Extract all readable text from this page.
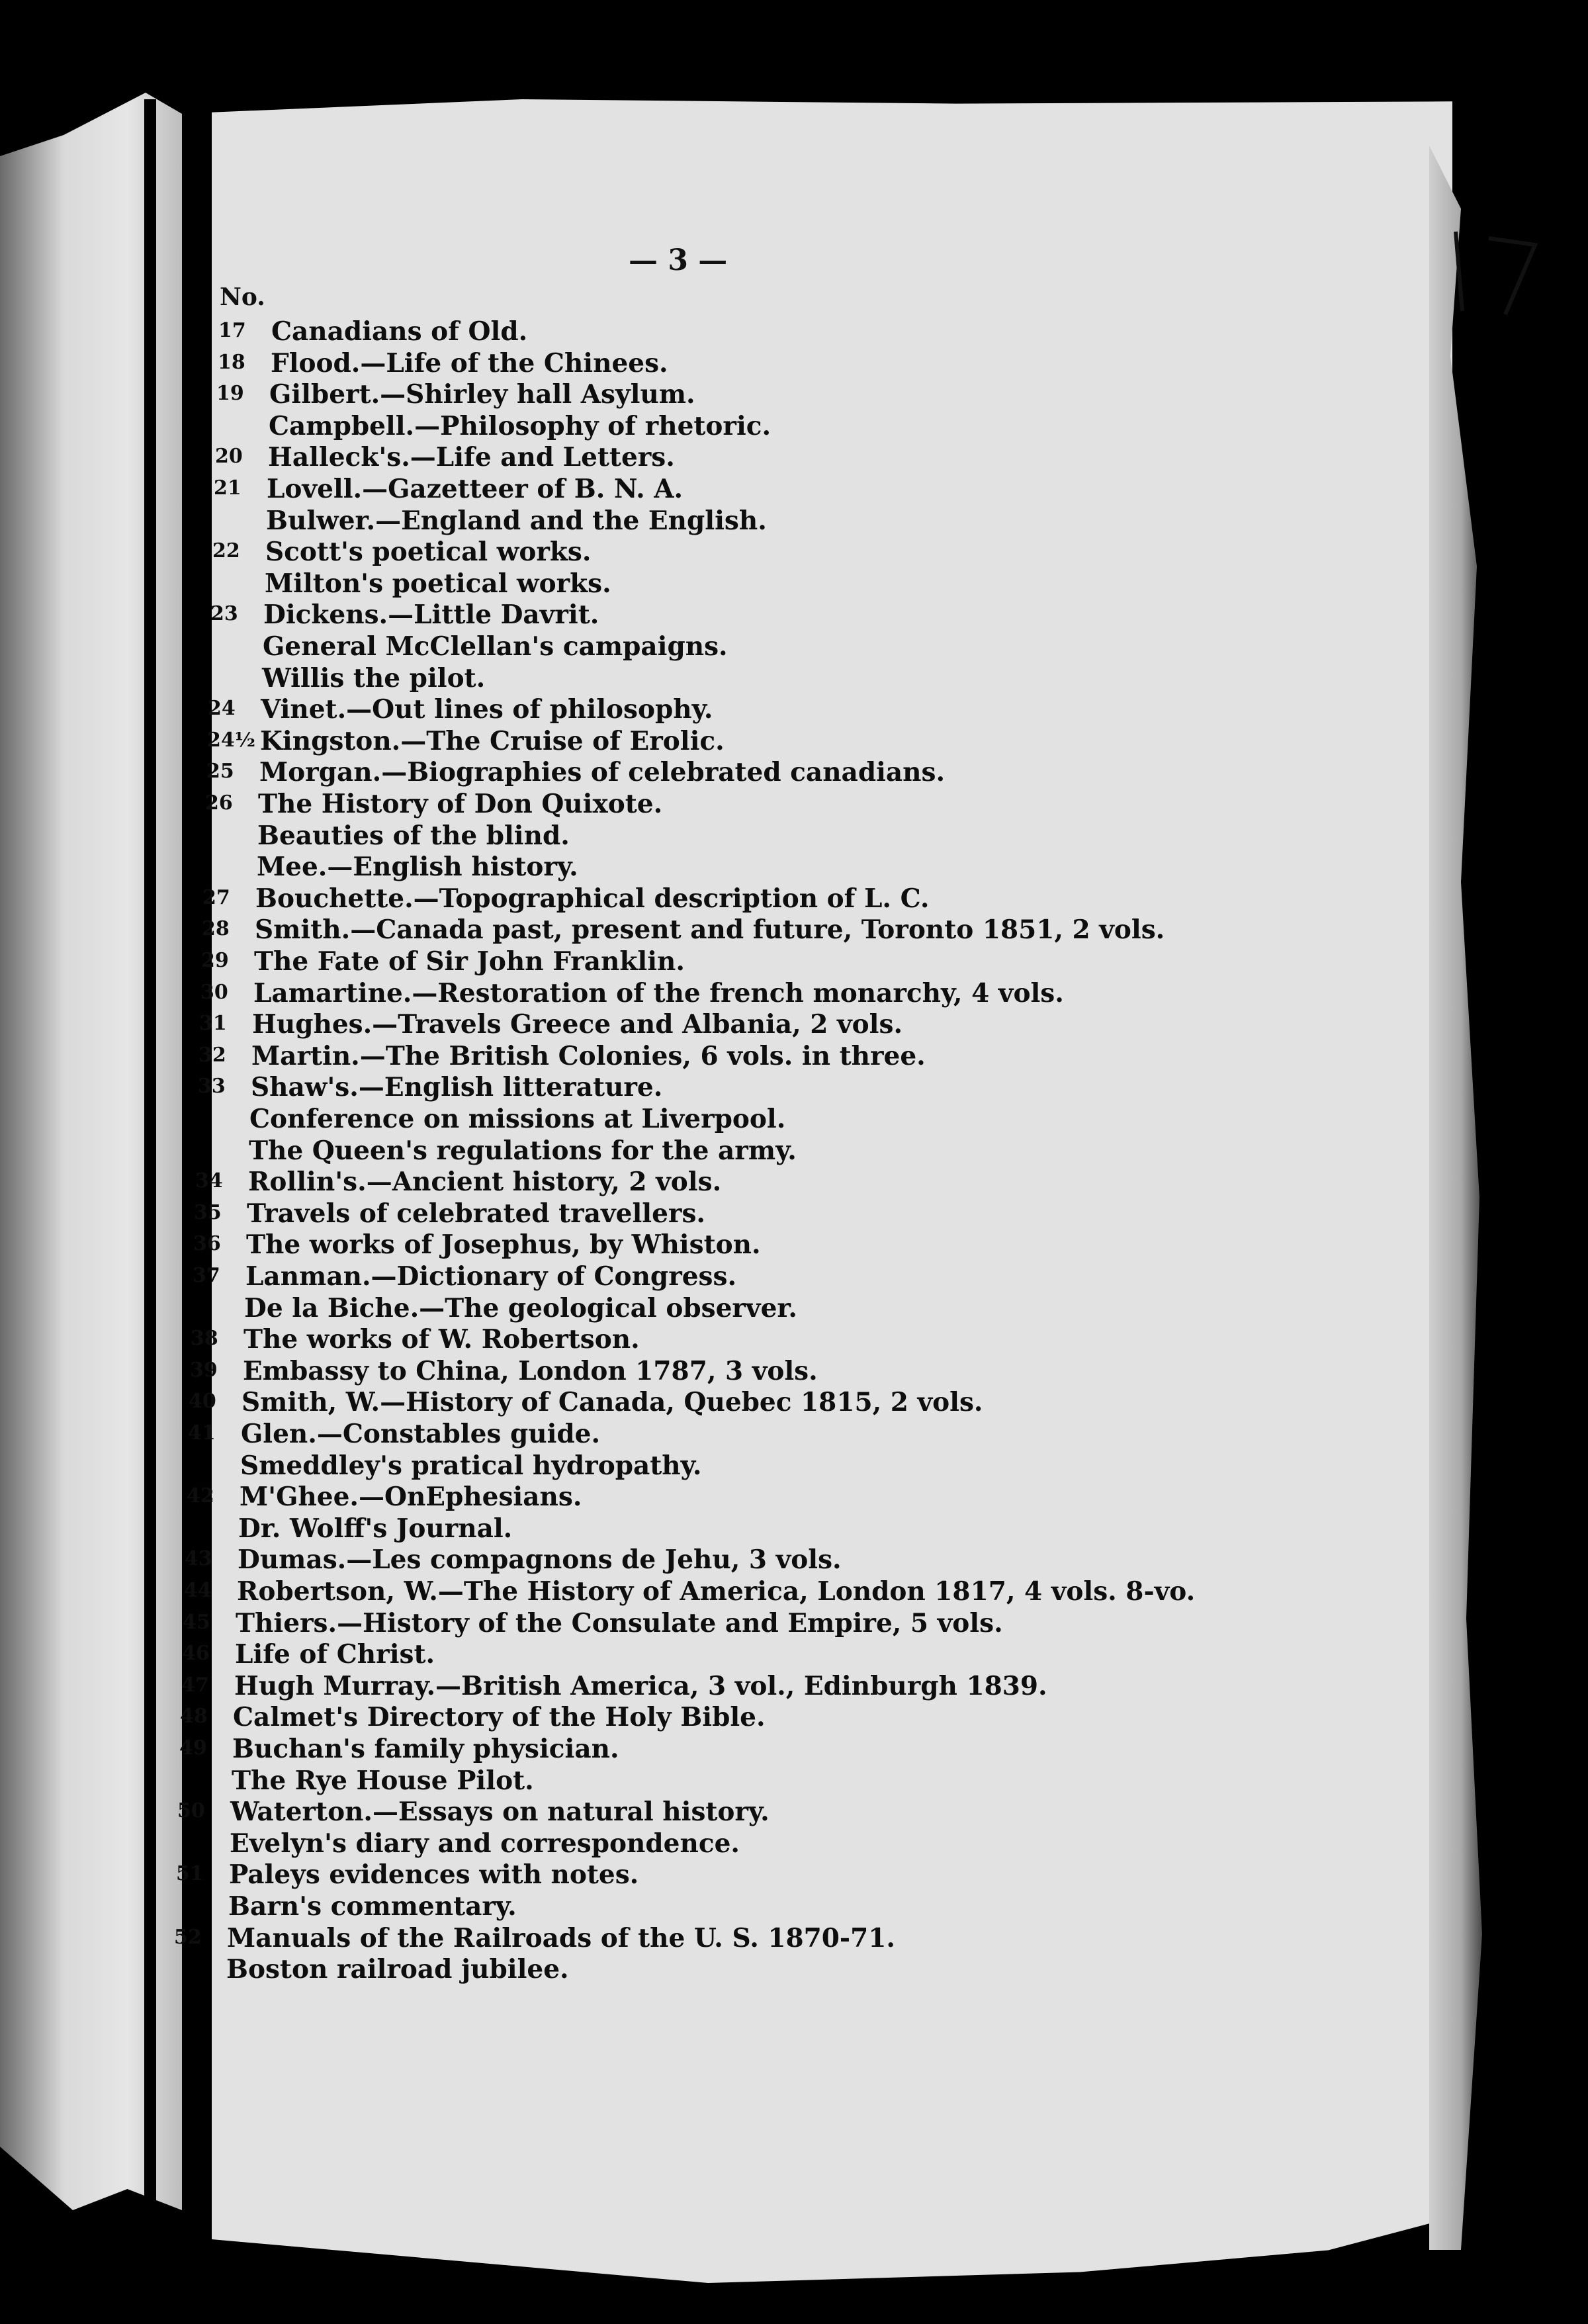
— 3 —
No.
17 Canadians of Old.
18 Flood.—Life of the Chinees.
19 Gilbert.—Shirley hall Asylum.
Campbell.—Philosophy of rhetoric.
20 Halleck's.—Life and Letters.
21 Lovell.—Gazetteer of B. N. A.
Bulwer.—England and the English.
22 Scott's poetical works.
Milton's poetical works.
23 Dickens.—Little Davrit.
General McClellan's campaigns.
Willis the pilot.
24 Vinet.—Out lines of philosophy.
24½ Kingston.—The Cruise of Erolic.
25 Morgan.—Biographies of celebrated canadians.
26 The History of Don Quixote.
Beauties of the blind.
Mee.—English history.
27 Bouchette.—Topographical description of L. C.
28 Smith.—Canada past, present and future, Toronto 1851, 2 vols.
29 The Fate of Sir John Franklin.
30 Lamartine.—Restoration of the french monarchy, 4 vols.
31 Hughes.—Travels Greece and Albania, 2 vols.
32 Martin.—The British Colonies, 6 vols. in three.
33 Shaw's.—English litterature.
Conference on missions at Liverpool.
The Queen's regulations for the army.
34 Rollin's.—Ancient history, 2 vols.
35 Travels of celebrated travellers.
36 The works of Josephus, by Whiston.
37 Lanman.—Dictionary of Congress.
De la Biche.—The geological observer.
38 The works of W. Robertson.
39 Embassy to China, London 1787, 3 vols.
40 Smith, W.—History of Canada, Quebec 1815, 2 vols.
41 Glen.—Constables guide.
Smeddley's pratical hydropathy.
42 M'Ghee.—OnEphesians.
Dr. Wolff's Journal.
43 Dumas.—Les compagnons de Jehu, 3 vols.
44 Robertson, W.—The History of America, London 1817, 4 vols. 8-vo.
45 Thiers.—History of the Consulate and Empire, 5 vols.
46 Life of Christ.
47 Hugh Murray.—British America, 3 vol., Edinburgh 1839.
48 Calmet's Directory of the Holy Bible.
49 Buchan's family physician.
The Rye House Pilot.
50 Waterton.—Essays on natural history.
Evelyn's diary and correspondence.
51 Paleys evidences with notes.
Barn's commentary.
52 Manuals of the Railroads of the U. S. 1870-71.
Boston railroad jubilee.
